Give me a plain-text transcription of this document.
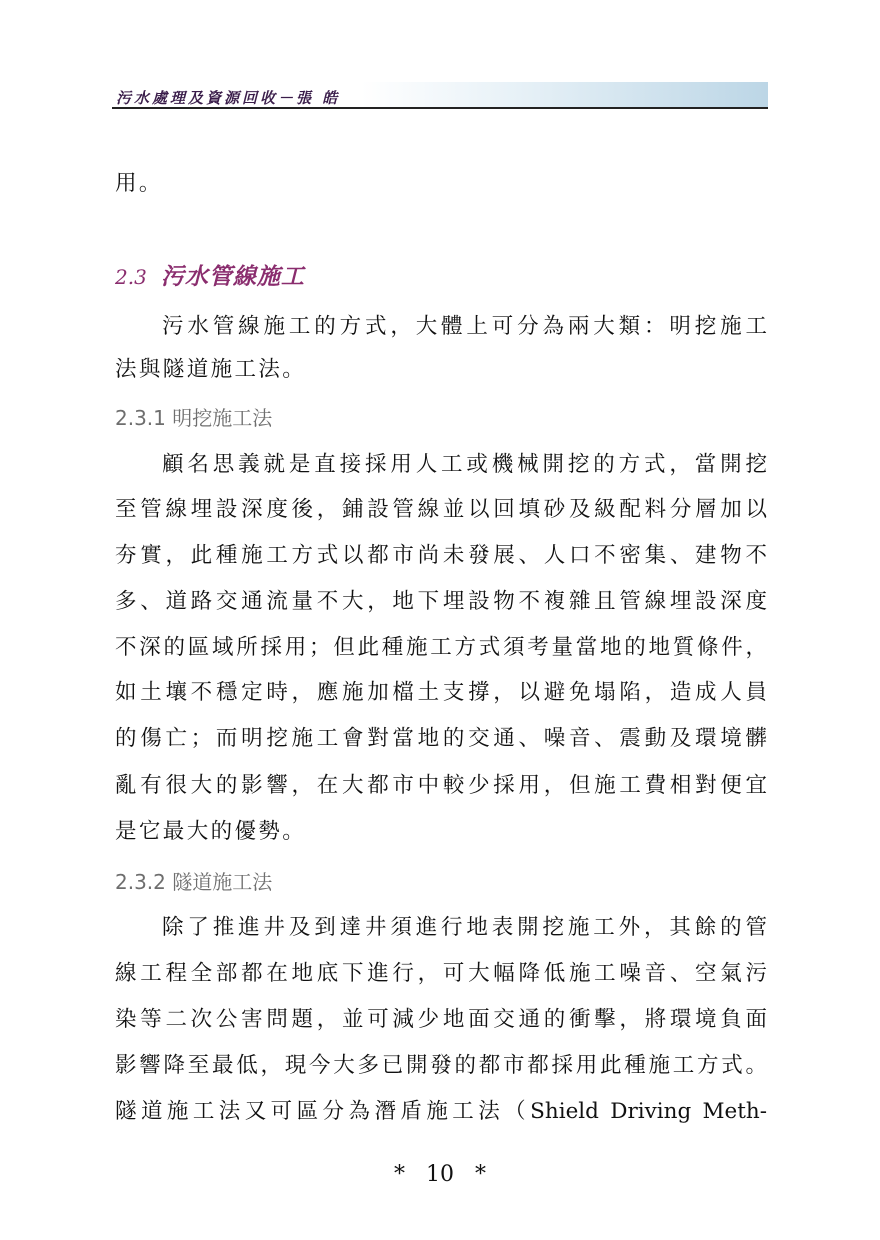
污水處理及資源回收－張 皓
用。
2.3 污水管線施工
污水管線施工的方式，大體上可分為兩大類：明挖施工
法與隧道施工法。
2.3.1 明挖施工法
顧名思義就是直接採用人工或機械開挖的方式，當開挖
至管線埋設深度後，鋪設管線並以回填砂及級配料分層加以
夯實，此種施工方式以都市尚未發展、人口不密集、建物不
多、道路交通流量不大，地下埋設物不複雜且管線埋設深度
不深的區域所採用；但此種施工方式須考量當地的地質條件，
如土壤不穩定時，應施加檔土支撐，以避免塌陷，造成人員
的傷亡；而明挖施工會對當地的交通、噪音、震動及環境髒
亂有很大的影響，在大都市中較少採用，但施工費相對便宜
是它最大的優勢。
2.3.2 隧道施工法
除了推進井及到達井須進行地表開挖施工外，其餘的管
線工程全部都在地底下進行，可大幅降低施工噪音、空氣污
染等二次公害問題，並可減少地面交通的衝擊，將環境負面
影響降至最低，現今大多已開發的都市都採用此種施工方式。
隧道施工法又可區分為潛盾施工法（Shield Driving Meth-
*   10   *
